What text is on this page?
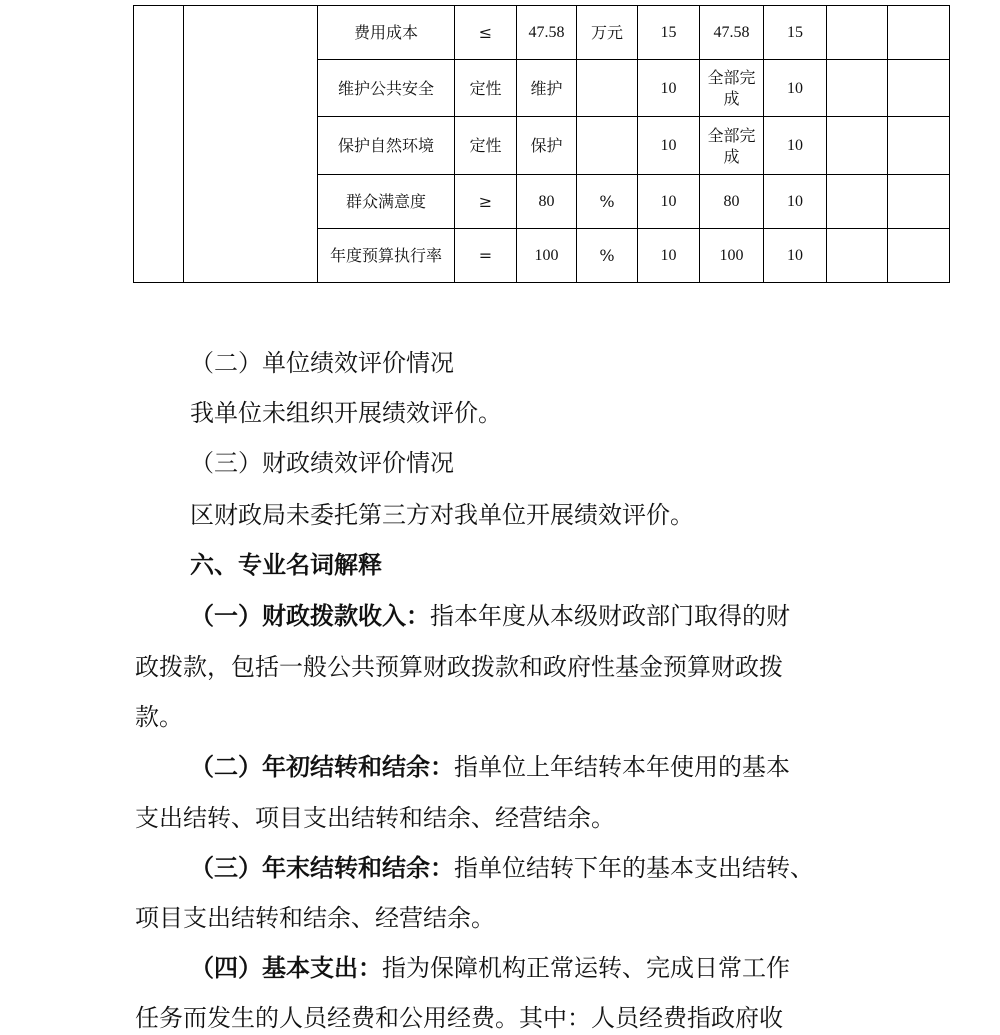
		费用成本	≤	47.58	万元	15	47.58	15		
		维护公共安全	定性	维护		10	全部完成	10		
		保护自然环境	定性	保护		10	全部完成	10		
		群众满意度	≥	80	%	10	80	10		
		年度预算执行率	=	100	%	10	100	10		
（二）单位绩效评价情况
我单位未组织开展绩效评价。
（三）财政绩效评价情况
区财政局未委托第三方对我单位开展绩效评价。
六、专业名词解释
（一）财政拨款收入：指本年度从本级财政部门取得的财
政拨款，包括一般公共预算财政拨款和政府性基金预算财政拨
款。
（二）年初结转和结余：指单位上年结转本年使用的基本
支出结转、项目支出结转和结余、经营结余。
（三）年末结转和结余：指单位结转下年的基本支出结转、
项目支出结转和结余、经营结余。
（四）基本支出：指为保障机构正常运转、完成日常工作
任务而发生的人员经费和公用经费。其中：人员经费指政府收
